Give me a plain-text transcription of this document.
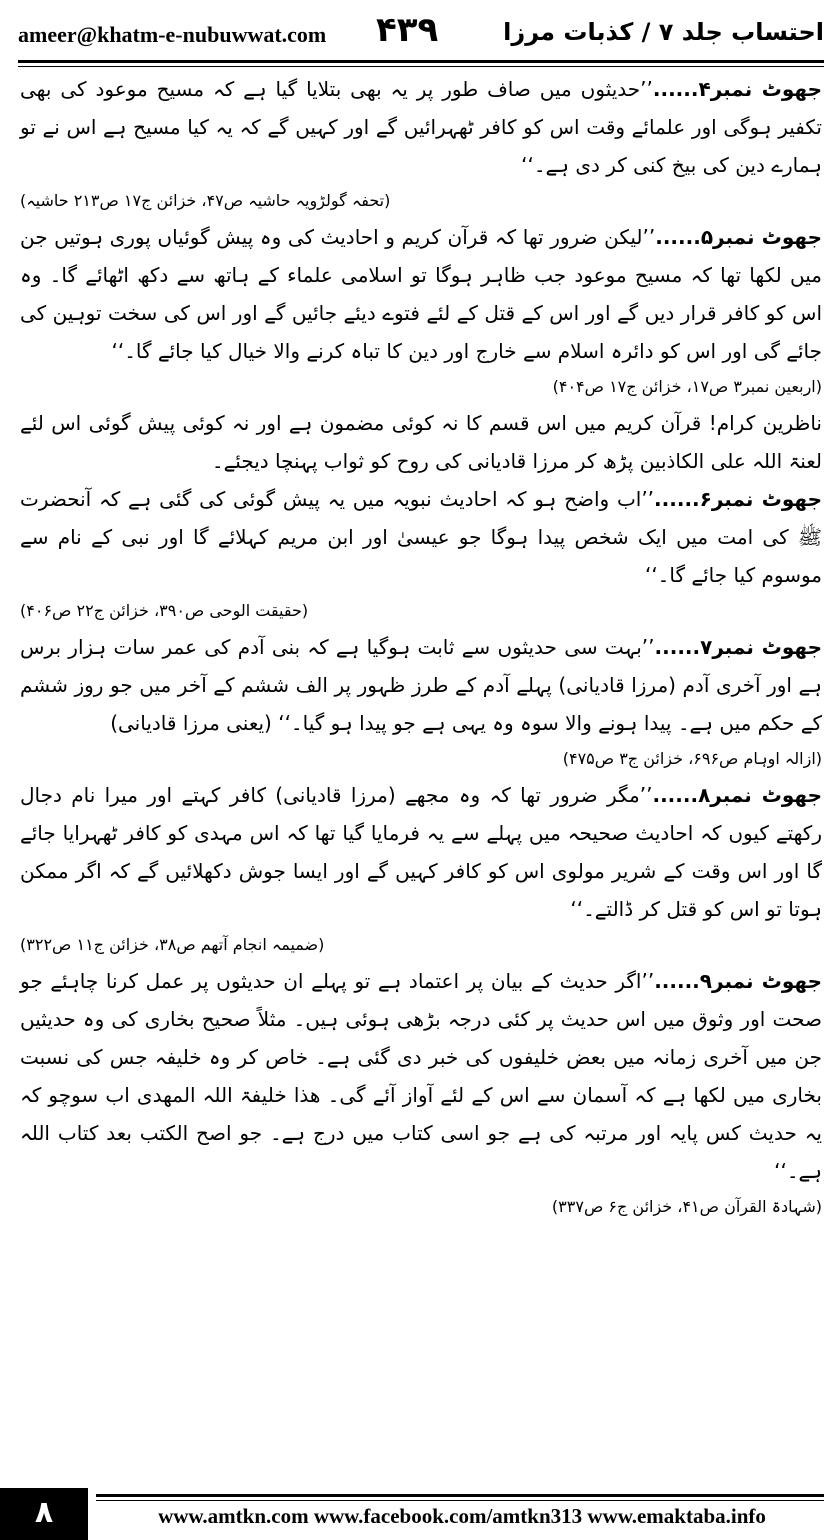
ameer@khatm-e-nubuwwat.com ۴۳۹	احتساب جلد ۷ / کذبات مرزا

جھوٹ نمبر۴......’’حدیثوں میں صاف طور پر یہ بھی بتلایا گیا ہے کہ مسیح موعود کی بھی تکفیر ہوگی اور علمائے وقت اس کو کافر ٹھہرائیں گے اور کہیں گے کہ یہ کیا مسیح ہے اس نے تو ہمارے دین کی بیخ کنی کر دی ہے۔‘‘

(تحفہ گولڑویہ حاشیہ ص۴۷، خزائن ج۱۷ ص۲۱۳ حاشیہ)

جھوٹ نمبر۵......’’لیکن ضرور تھا کہ قرآن کریم و احادیث کی وہ پیش گوئیاں پوری ہوتیں جن میں لکھا تھا کہ مسیح موعود جب ظاہر ہوگا تو اسلامی علماء کے ہاتھ سے دکھ اٹھائے گا۔ وہ اس کو کافر قرار دیں گے اور اس کے قتل کے لئے فتوے دیئے جائیں گے اور اس کی سخت توہین کی جائے گی اور اس کو دائرہ اسلام سے خارج اور دین کا تباہ کرنے والا خیال کیا جائے گا۔‘‘

(اربعین نمبر۳ ص۱۷، خزائن ج۱۷ ص۴۰۴)

ناظرین کرام! قرآن کریم میں اس قسم کا نہ کوئی مضمون ہے اور نہ کوئی پیش گوئی اس لئے لعنۃ اللہ علی الکاذبین پڑھ کر مرزا قادیانی کی روح کو ثواب پہنچا دیجئے۔

جھوٹ نمبر۶......’’اب واضح ہو کہ احادیث نبویہ میں یہ پیش گوئی کی گئی ہے کہ آنحضرت ﷺ کی امت میں ایک شخص پیدا ہوگا جو عیسیٰ اور ابن مریم کہلائے گا اور نبی کے نام سے موسوم کیا جائے گا۔‘‘

(حقیقت الوحی ص۳۹۰، خزائن ج۲۲ ص۴۰۶)

جھوٹ نمبر۷......’’بہت سی حدیثوں سے ثابت ہوگیا ہے کہ بنی آدم کی عمر سات ہزار برس ہے اور آخری آدم (مرزا قادیانی) پہلے آدم کے طرز ظہور پر الف ششم کے آخر میں جو روز ششم کے حکم میں ہے۔ پیدا ہونے والا سوہ وہ یہی ہے جو پیدا ہو گیا۔‘‘ (یعنی مرزا قادیانی)

(ازالہ اوہام ص۶۹۶، خزائن ج۳ ص۴۷۵)

جھوٹ نمبر۸......’’مگر ضرور تھا کہ وہ مجھے (مرزا قادیانی) کافر کہتے اور میرا نام دجال رکھتے کیوں کہ احادیث صحیحہ میں پہلے سے یہ فرمایا گیا تھا کہ اس مہدی کو کافر ٹھہرایا جائے گا اور اس وقت کے شریر مولوی اس کو کافر کہیں گے اور ایسا جوش دکھلائیں گے کہ اگر ممکن ہوتا تو اس کو قتل کر ڈالتے۔‘‘

(ضمیمہ انجام آتھم ص۳۸، خزائن ج۱۱ ص۳۲۲)

جھوٹ نمبر۹......’’اگر حدیث کے بیان پر اعتماد ہے تو پہلے ان حدیثوں پر عمل کرنا چاہئے جو صحت اور وثوق میں اس حدیث پر کئی درجہ بڑھی ہوئی ہیں۔ مثلاً صحیح بخاری کی وہ حدیثیں جن میں آخری زمانہ میں بعض خلیفوں کی خبر دی گئی ہے۔ خاص کر وہ خلیفہ جس کی نسبت بخاری میں لکھا ہے کہ آسمان سے اس کے لئے آواز آئے گی۔ ھذا خلیفۃ اللہ المھدی اب سوچو کہ یہ حدیث کس پایہ اور مرتبہ کی ہے جو اسی کتاب میں درج ہے۔ جو اصح الکتب بعد کتاب اللہ ہے۔‘‘

(شہادۃ القرآن ص۴۱، خزائن ج۶ ص۳۳۷)
۸	www.amtkn.com www.facebook.com/amtkn313 www.emaktaba.info
